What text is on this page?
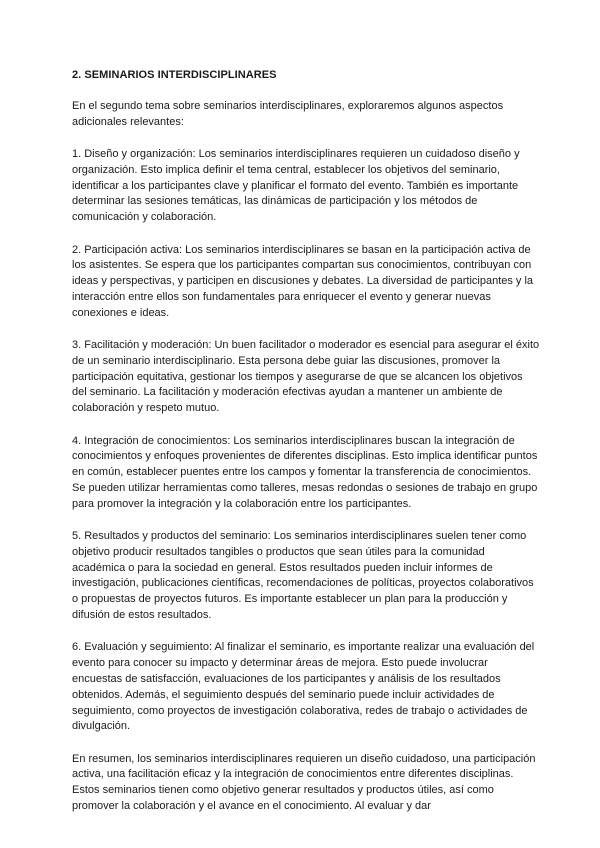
2. SEMINARIOS INTERDISCIPLINARES

En el segundo tema sobre seminarios interdisciplinares, exploraremos algunos aspectos adicionales relevantes:

1. Diseño y organización: Los seminarios interdisciplinares requieren un cuidadoso diseño y organización. Esto implica definir el tema central, establecer los objetivos del seminario, identificar a los participantes clave y planificar el formato del evento. También es importante determinar las sesiones temáticas, las dinámicas de participación y los métodos de comunicación y colaboración.

2. Participación activa: Los seminarios interdisciplinares se basan en la participación activa de los asistentes. Se espera que los participantes compartan sus conocimientos, contribuyan con ideas y perspectivas, y participen en discusiones y debates. La diversidad de participantes y la interacción entre ellos son fundamentales para enriquecer el evento y generar nuevas conexiones e ideas.

3. Facilitación y moderación: Un buen facilitador o moderador es esencial para asegurar el éxito de un seminario interdisciplinario. Esta persona debe guiar las discusiones, promover la participación equitativa, gestionar los tiempos y asegurarse de que se alcancen los objetivos del seminario. La facilitación y moderación efectivas ayudan a mantener un ambiente de colaboración y respeto mutuo.

4. Integración de conocimientos: Los seminarios interdisciplinares buscan la integración de conocimientos y enfoques provenientes de diferentes disciplinas. Esto implica identificar puntos en común, establecer puentes entre los campos y fomentar la transferencia de conocimientos. Se pueden utilizar herramientas como talleres, mesas redondas o sesiones de trabajo en grupo para promover la integración y la colaboración entre los participantes.

5. Resultados y productos del seminario: Los seminarios interdisciplinares suelen tener como objetivo producir resultados tangibles o productos que sean útiles para la comunidad académica o para la sociedad en general. Estos resultados pueden incluir informes de investigación, publicaciones científicas, recomendaciones de políticas, proyectos colaborativos o propuestas de proyectos futuros. Es importante establecer un plan para la producción y difusión de estos resultados.

6. Evaluación y seguimiento: Al finalizar el seminario, es importante realizar una evaluación del evento para conocer su impacto y determinar áreas de mejora. Esto puede involucrar encuestas de satisfacción, evaluaciones de los participantes y análisis de los resultados obtenidos. Además, el seguimiento después del seminario puede incluir actividades de seguimiento, como proyectos de investigación colaborativa, redes de trabajo o actividades de divulgación.

En resumen, los seminarios interdisciplinares requieren un diseño cuidadoso, una participación activa, una facilitación eficaz y la integración de conocimientos entre diferentes disciplinas. Estos seminarios tienen como objetivo generar resultados y productos útiles, así como promover la colaboración y el avance en el conocimiento. Al evaluar y dar
